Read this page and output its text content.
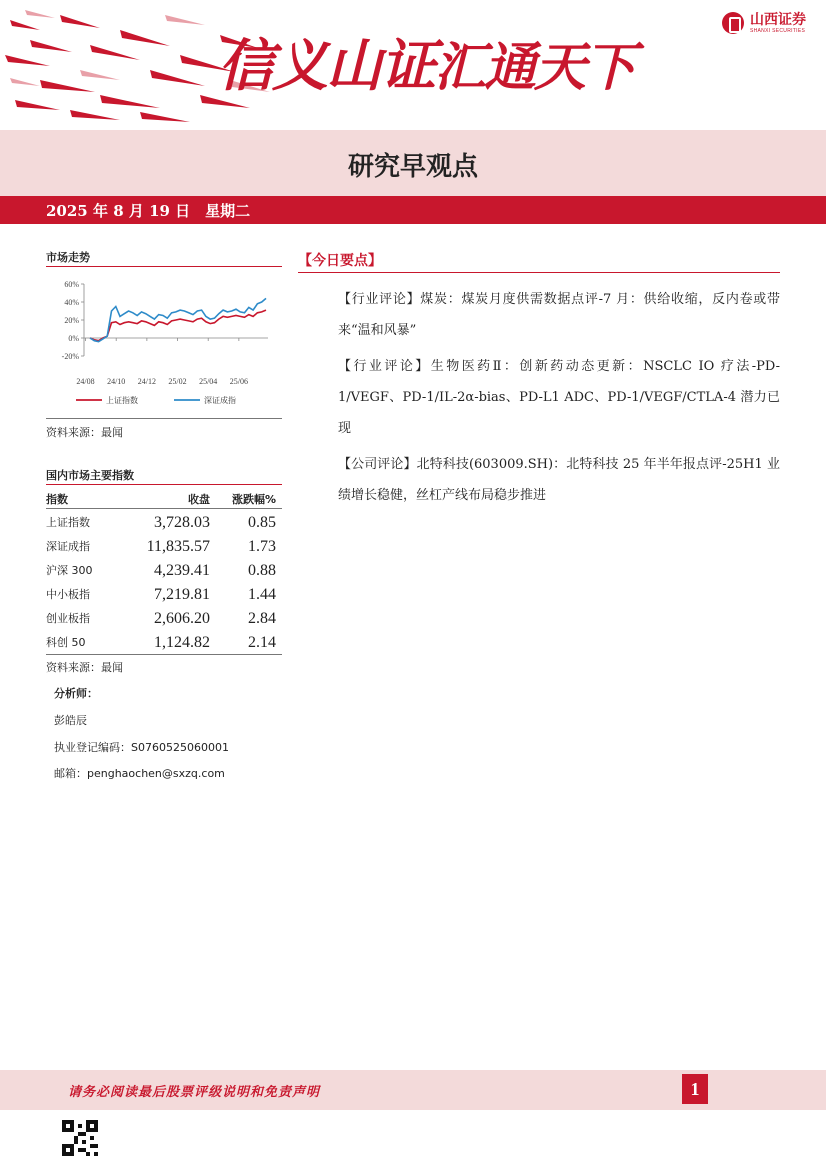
信义山证汇通天下
山西证券
SHANXI SECURITIES
研究早观点
2025 年 8 月 19 日　星期二
市场走势
60%
40%
20%
0%
-20%
24/08 24/10 24/12 25/02 25/04 25/06
上证指数	深证成指
资料来源：最闻
国内市场主要指数
指数	收盘 涨跌幅%
上证指数	3,728.03 0.85
深证成指	11,835.57 1.73
沪深 300	4,239.41 0.88
中小板指	7,219.81 1.44
创业板指	2,606.20 2.84
科创 50	1,124.82 2.14
资料来源：最闻
分析师：
彭皓辰
执业登记编码：S0760525060001
邮箱：penghaochen@sxzq.com
【今日要点】
【行业评论】煤炭：煤炭月度供需数据点评-7 月：供给收缩，反内卷或带来“温和风暴”
【行业评论】生物医药Ⅱ：创新药动态更新：NSCLC IO 疗法-PD-1/VEGF、PD-1/IL-2α-bias、PD-L1 ADC、PD-1/VEGF/CTLA-4 潜力已现
【公司评论】北特科技(603009.SH)：北特科技 25 年半年报点评-25H1 业绩增长稳健，丝杠产线布局稳步推进
请务必阅读最后股票评级说明和免责声明	1
